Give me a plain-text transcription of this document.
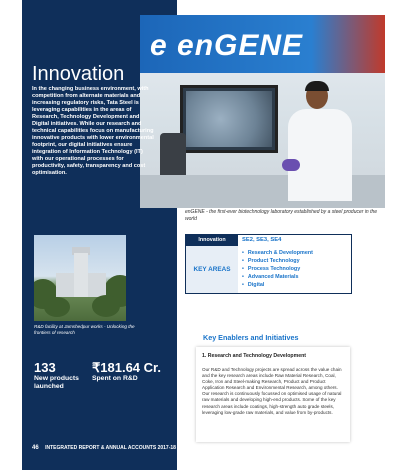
e enGENE
enGENE - the first-ever biotechnology laboratory established by a steel producer in the world
Innovation
In the changing business environment, with competition from alternate materials and increasing regulatory risks, Tata Steel is leveraging capabilities in the areas of Research, Technology Development and Digital initiatives. While our research and technical capabilities focus on manufacturing innovative products with lower environmental footprint, our digital initiatives ensure integration of Information Technology (IT) with our operational processes for productivity, safety, transparency and cost optimisation.
R&D facility at Jamshedpur works - Unlocking the frontiers of research
133
New products launched
₹181.64 Cr.
Spent on R&D
Innovation	SE2, SE3, SE4
KEY AREAS
• Research & Development
• Product Technology
• Process Technology
• Advanced Materials
• Digital
Key Enablers and Initiatives
1. Research and Technology Development
Our R&D and Technology projects are spread across the value chain and the key research areas include Raw Material Research, Coal, Coke, Iron and Steel-making Research, Product and Product Application Research and Environmental Research, among others. Our research is continuously focussed on optimised usage of natural raw materials and developing high-end products. Some of the key research areas include coatings, high-strength auto grade steels, leveraging low-grade raw materials, and value from by-products.
46 INTEGRATED REPORT & ANNUAL ACCOUNTS 2017-18 | 111th YEAR
